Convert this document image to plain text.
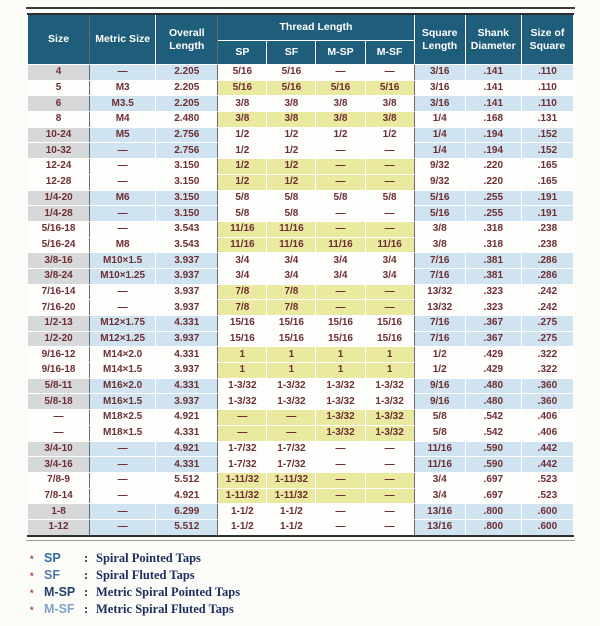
Size	Metric Size	Overall Length	Thread Length				Square Length	Shank Diameter	Size of Square
			SP	SF	M-SP	M-SF			
4	—	2.205	5/16	5/16	—	—	3/16	.141	.110
5	M3	2.205	5/16	5/16	5/16	5/16	3/16	.141	.110
6	M3.5	2.205	3/8	3/8	3/8	3/8	3/16	.141	.110
8	M4	2.480	3/8	3/8	3/8	3/8	1/4	.168	.131
10-24	M5	2.756	1/2	1/2	1/2	1/2	1/4	.194	.152
10-32	—	2.756	1/2	1/2	—	—	1/4	.194	.152
12-24	—	3.150	1/2	1/2	—	—	9/32	.220	.165
12-28	—	3.150	1/2	1/2	—	—	9/32	.220	.165
1/4-20	M6	3.150	5/8	5/8	5/8	5/8	5/16	.255	.191
1/4-28	—	3.150	5/8	5/8	—	—	5/16	.255	.191
5/16-18	—	3.543	11/16	11/16	—	—	3/8	.318	.238
5/16-24	M8	3.543	11/16	11/16	11/16	11/16	3/8	.318	.238
3/8-16	M10×1.5	3.937	3/4	3/4	3/4	3/4	7/16	.381	.286
3/8-24	M10×1.25	3.937	3/4	3/4	3/4	3/4	7/16	.381	.286
7/16-14	—	3.937	7/8	7/8	—	—	13/32	.323	.242
7/16-20	—	3.937	7/8	7/8	—	—	13/32	.323	.242
1/2-13	M12×1.75	4.331	15/16	15/16	15/16	15/16	7/16	.367	.275
1/2-20	M12×1.25	3.937	15/16	15/16	15/16	15/16	7/16	.367	.275
9/16-12	M14×2.0	4.331	1	1	1	1	1/2	.429	.322
9/16-18	M14×1.5	3.937	1	1	1	1	1/2	.429	.322
5/8-11	M16×2.0	4.331	1-3/32	1-3/32	1-3/32	1-3/32	9/16	.480	.360
5/8-18	M16×1.5	3.937	1-3/32	1-3/32	1-3/32	1-3/32	9/16	.480	.360
—	M18×2.5	4.921	—	—	1-3/32	1-3/32	5/8	.542	.406
—	M18×1.5	4.331	—	—	1-3/32	1-3/32	5/8	.542	.406
3/4-10	—	4.921	1-7/32	1-7/32	—	—	11/16	.590	.442
3/4-16	—	4.331	1-7/32	1-7/32	—	—	11/16	.590	.442
7/8-9	—	5.512	1-11/32	1-11/32	—	—	3/4	.697	.523
7/8-14	—	4.921	1-11/32	1-11/32	—	—	3/4	.697	.523
1-8	—	6.299	1-1/2	1-1/2	—	—	13/16	.800	.600
1-12	—	5.512	1-1/2	1-1/2	—	—	13/16	.800	.600
* SP	: Spiral Pointed Taps
* SF	: Spiral Fluted Taps
* M-SP : Metric Spiral Pointed Taps
* M-SF : Metric Spiral Fluted Taps
